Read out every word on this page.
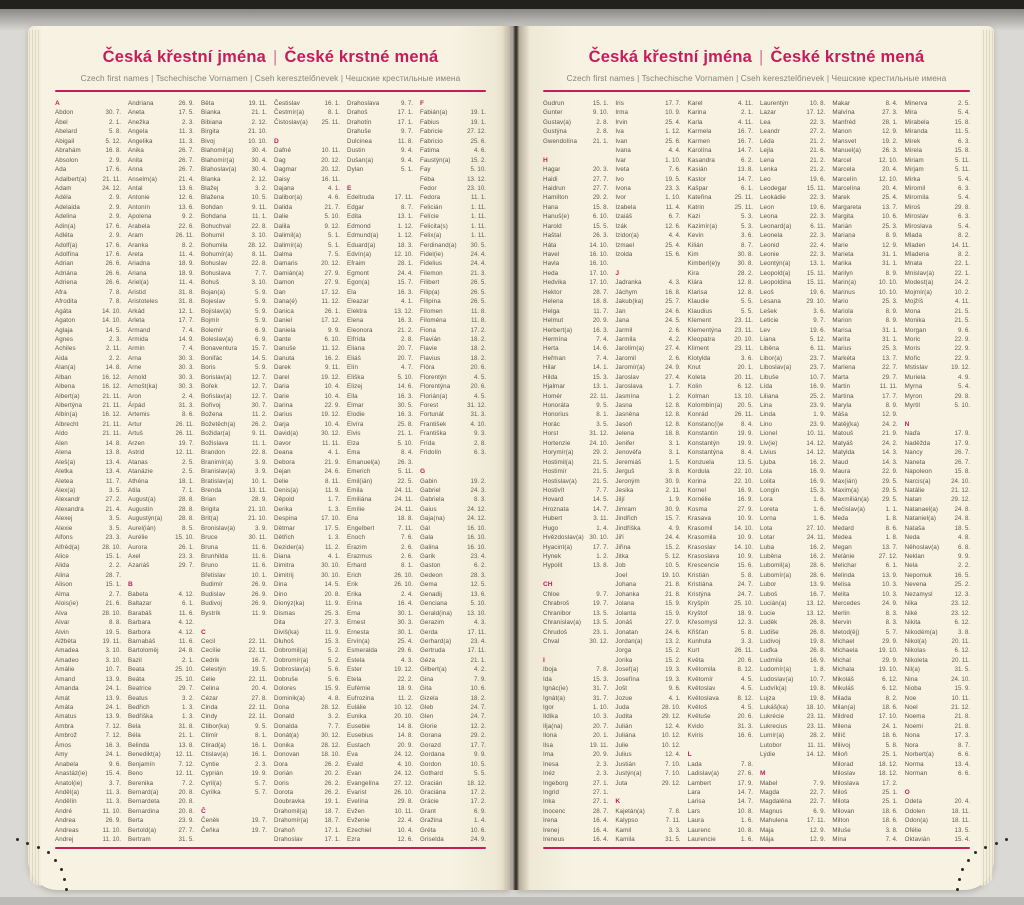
Česká křestní jména | České krstné mená
Czech first names | Tschechische Vornamen | Cseh keresztelőnevek | Чешские крестильные имена
A
Abdon	30. 7.
Ábel	2. 1.
Abelard	5. 8.
Abigail	5. 12.
Abrahám	16. 8.
Absolon	2. 9.
Ada	17. 6.
Adalbert(a)	21. 11.
Adam	24. 12.
Adéla	2. 9.
Adelaida	2. 9.
Adelina	2. 9.
Adin(a)	17. 6.
Adléta	2. 9.
Adolf(a)	17. 6.
Adolfína	17. 6.
Adrian	26. 6.
Adriána	26. 6.
Adriena	26. 6.
Afra	7. 8.
Afrodita	7. 8.
Agáta	14. 10.
Agaton	14. 10.
Aglaja	14. 5.
Agnes	2. 3.
Achiles	2. 11.
Aida	2. 2.
Alan(a)	14. 8.
Alban	16. 12.
Albena	16. 12.
Albert(a)	21. 11.
Albertýna	21. 11.
Albín(a)	16. 12.
Albrecht	21. 11.
Aldo	21. 11.
Alen	14. 8.
Alena	13. 8.
Aleš(a)	13. 4.
Aletka	13. 4.
Aletea	11. 7.
Alex(a)	3. 5.
Alexandr	27. 2.
Alexandra	21. 4.
Alexej	3. 5.
Alexie	3. 5.
Alfons	23. 3.
Alfréd(a)	28. 10.
Alice	15. 1.
Alida	2. 2.
Alina	28. 7.
Alison	15. 1.
Alma	2. 7.
Alois(ie)	21. 6.
Alva	28. 10.
Alvar	8. 8.
Alvin	19. 5.
Alžběta	19. 11.
Amadea	3. 10.
Amadeo	3. 10.
Amálie	10. 7.
Amand	13. 9.
Amanda	24. 1.
Amát	13. 9.
Amáta	24. 1.
Amatus	13. 9.
Ambra	7. 12.
Ambrož	7. 12.
Ámos	16. 3.
Amy	24. 1.
Anabela	9. 6.
Anastáz(ie)	15. 4.
Anatol(ie)	3. 7.
Anděl(a)	11. 3.
Andělín	11. 3.
André	11. 10.
Andrea	26. 9.
Andreas	11. 10.
Andrej	11. 10.
Andriana	26. 9.
Aneta	17. 5.
Anežka	2. 3.
Angela	11. 3.
Angelika	11. 3.
Anika	26. 7.
Anita	26. 7.
Anna	26. 7.
Anselm(a)	21. 4.
Antal	13. 6.
Antonie	12. 6.
Antonín	13. 6.
Apolena	9. 2.
Arabela	22. 6.
Aram	26. 11.
Aranka	8. 2.
Areta	11. 4.
Ariadna	18. 9.
Ariana	18. 9.
Ariel(a)	11. 4.
Aristid	31. 8.
Aristoteles	31. 8.
Arkád	12. 1.
Arleta	17. 7.
Armand	7. 4.
Armida	14. 9.
Armin	7. 4.
Arna	30. 3.
Arne	30. 3.
Arnold	30. 3.
Arnošt(ka)	30. 3.
Aron	2. 4.
Árpád	31. 3.
Artemis	8. 6.
Artur	26. 11.
Artuš	26. 11.
Arzen	19. 7.
Astrid	12. 11.
Atanas	2. 5.
Atanázie	2. 5.
Athéna	18. 1.
Atila	7. 1.
August(a)	28. 8.
Augustin	28. 8.
Augustýn(a)	28. 8.
Aurel(ián)	8. 5.
Aurélie	15. 10.
Aurora	26. 1.
Axel	23. 3.
Azariáš	29. 7.
B
Babeta	4. 12.
Baltazar	6. 1.
Barabáš	11. 6.
Barbara	4. 12.
Barbora	4. 12.
Barnabáš	11. 6.
Bartoloměj	24. 8.
Bazil	2. 1.
Beata	25. 10.
Beáta	25. 10.
Beatrice	29. 7.
Beatus	3. 2.
Bedřich	1. 3.
Bedřiška	1. 3.
Bela	31. 8.
Béla	21. 1.
Belinda	13. 8.
Benedikt(a) 12. 11.
Benjamín	7. 12.
Beno	12. 11.
Berenika	7. 2.
Bernard(a)	20. 8.
Bernardeta	20. 8.
Bernardina	20. 8.
Berta	23. 9.
Bertold(a)	27. 7.
Bertram	31. 5.
Běta	19. 11.
Bianka	21. 1.
Bibiana	2. 12.
Birgita	21. 10.
Bivoj	10. 10.
Blahomil(a)	30. 4.
Blahomír(a)	30. 4.
Blahoslav(a) 30. 4.
Blanka	2. 12.
Blažej	3. 2.
Blažena	10. 5.
Bohdan	9. 11.
Bohdana	11. 1.
Bohuchval	22. 8.
Bohumil	3. 10.
Bohumila	28. 12.
Bohumír(a)	8. 11.
Bohuslav	22. 8.
Bohuslava	7. 7.
Bohuš	3. 10.
Bojan(a)	5. 9.
Bojeslav	5. 9.
Bojislav(a)	5. 9.
Bojmír	5. 9.
Bolemír	6. 9.
Boleslav(a)	6. 9.
Bonaventura 15. 7.
Bonifác	14. 5.
Boris	5. 9.
Borislav(a)	12. 7.
Bořek	12. 7.
Bořislav(a)	12. 7.
Bořivoj	30. 7.
Božena	11. 2.
Božetěch(a)	26. 2.
Božidar(a)	9. 11.
Božislava	11. 1.
Brandon	22. 8.
Branimír(a)	3. 9.
Branislav(a)	3. 9.
Bratislav(a)	10. 1.
Brenda	13. 11.
Brian	28. 9.
Brigita	21. 10.
Brit(a)	21. 10.
Bronislav(a)	3. 9.
Bruce	30. 11.
Bruna	11. 6.
Brunhilda	11. 6.
Bruno	11. 6.
Břetislav	10. 1.
Budimír	26. 9.
Budislav	26. 9.
Budivoj	26. 9.
Bystrík	11. 9.
C
Cecil	22. 11.
Cecílie	22. 11.
Cedrik	16. 7.
Celestýn	19. 5.
Celie	22. 11.
Celina	20. 4.
Cézar	27. 8.
Cinda	22. 11.
Cindy	22. 11.
Ctibor(ka)	9. 5.
Ctimír	8. 1.
Ctirad(a)	16. 1.
Ctislav(a)	16. 1.
Cyntie	2. 3.
Cyprián	19. 9.
Cyril(a)	5. 7.
Cyrilka	5. 7.
Č
Čeněk	19. 7.
Čeňka	19. 7.
Čestislav	16. 1.
Čestmír(a)	8. 1.
Čistoslav(a) 25. 11.
D
Dafné	10. 11.
Dag	20. 12.
Dagmar	20. 12.
Daisy	16. 11.
Dajana	4. 1.
Dalibor(a)	4. 6.
Dalida	21. 7.
Dalie	5. 10.
Dalila	9. 12.
Dalimil(a)	5. 1.
Dalimír(a)	5. 1.
Dalma	7. 5.
Damaris	20. 12.
Damián(a)	27. 9.
Damon	27. 9.
Dan	17. 12.
Dana(é)	11. 12.
Danica	26. 1.
Daniel	17. 12.
Daniela	9. 9.
Dante	6. 10.
Danuše	11. 12.
Danuta	16. 2.
Darek	9. 11.
Darel	19. 12.
Daria	10. 4.
Darie	10. 4.
Darina	22. 9.
Darius	19. 12.
Darja	10. 4.
David(a)	30. 12.
Davor	11. 11.
Deana	4. 1.
Debora	21. 9.
Dejan	24. 6.
Delie	8. 11.
Denis(a)	11. 9.
Děpold	1. 7.
Derika	1. 3.
Despina	17. 10.
Dětmar	17. 5.
Dětřich	1. 3.
Dezider(a)	11. 2.
Diana	4. 1.
Dimitra	30. 10.
Dimitrij	30. 10.
Dina	14. 5.
Dino	20. 8.
Dionýz(ka)	11. 9.
Dismas	25. 3.
Dita	27. 3.
Diviš(ka)	11. 9.
Dluhoš	15. 3.
Dobromil(a)	5. 2.
Dobromír(a)	5. 2.
Dobroslav(a)	5. 6.
Dobruše	5. 6.
Dolores	15. 9.
Dominik(a)	4. 8.
Dona	28. 12.
Donald	3. 2.
Donalda	7. 7.
Donát(a)	30. 12.
Donika	28. 12.
Donovan	18. 10.
Dora	26. 2.
Dorián	20. 2.
Doris	26. 2.
Dorota	26. 2.
Doubravka	19. 1.
Drahomil(a)	18. 7.
Drahomír(a)	18. 7.
Drahoň	17. 1.
Drahoslav	17. 1.
Drahoslava	9. 7.
Drahoš	17. 1.
Drahotín	17. 1.
Drahuše	9. 7.
Dulcinea	11. 8.
Dustin	9. 4.
Dušan(a)	9. 4.
Dylan	5. 1.
E
Edeltruda	17. 11.
Edgar	8. 7.
Edita	13. 1.
Edmond	1. 12.
Edmund(a)	1. 12.
Eduard(a)	18. 3.
Edvín(a)	12. 10.
Efraim	28. 1.
Egmont	24. 4.
Egon(a)	15. 7.
Ela	16. 3.
Eleazar	4. 1.
Elektra	13. 12.
Elena	16. 3.
Eleonora	21. 2.
Elfrída	2. 8.
Eliana	20. 7.
Eliáš	20. 7.
Elín	4. 7.
Eliška	5. 10.
Elizej	14. 6.
Ella	16. 3.
Elmar	30. 5.
Elodie	16. 3.
Elvíra	25. 8.
Elvis	21. 1.
Elza	5. 10.
Ema	8. 4.
Emanuel(a)	26. 3.
Emerich	5. 11.
Emil(ián)	22. 5.
Emila	24. 11.
Emiliána	24. 11.
Emílie	24. 11.
Ena	18. 8.
Engelbert	7. 11.
Enoch	7. 6.
Erazim	2. 6.
Erazmus	2. 6.
Erhard	8. 1.
Erich	26. 10.
Erik	26. 10.
Erika	2. 4.
Erina	16. 4.
Erna	30. 1.
Ernest	30. 3.
Ernesta	30. 1.
Ervín(a)	25. 4.
Esmeralda	29. 6.
Estela	4. 3.
Ester	19. 12.
Etela	22. 2.
Eufémie	18. 9.
Eufrozina	11. 2.
Eulálie	10. 12.
Eunika	20. 10.
Eusebie	14. 8.
Eusebius	14. 8.
Eustach	20. 9.
Eva	24. 12.
Evald	4. 10.
Evan	24. 12.
Evangelína 27. 12.
Evarist	26. 10.
Evelína	29. 8.
Evžen	10. 11.
Evženie	22. 4.
Ezechiel	10. 4.
Ezra	12. 6.
F
Fabián(a)	19. 1.
Fabius	19. 1.
Fabricie	27. 12.
Fabricio	25. 6.
Fatima	4. 6.
Faustýn(a)	15. 2.
Fay	5. 10.
Féba	13. 12.
Fedor	23. 10.
Fedora	11. 1.
Felicián	1. 11.
Felície	1. 11.
Felicita(s)	1. 11.
Felix(a)	1. 11.
Ferdinand(a) 30. 5.
Fidel(ie)	24. 4.
Fidelius	24. 4.
Filemon	21. 3.
Filibert	26. 5.
Filip(a)	26. 5.
Filipína	26. 5.
Filomen	11. 8.
Filoména	11. 8.
Fiona	17. 2.
Flavián	18. 2.
Flavie	18. 2.
Flavius	18. 2.
Flóra	20. 6.
Florentýn	4. 5.
Florentýna	20. 6.
Florián(a)	4. 5.
Forest	31. 12.
Fortunát	31. 3.
František	4. 10.
Františka	9. 3.
Frída	2. 8.
Fridolín	6. 3.
G
Gabin	19. 2.
Gabriel	24. 3.
Gabriela	8. 3.
Gaius	24. 12.
Gaja(na)	24. 12.
Gál	16. 10.
Gala	16. 10.
Galina	16. 10.
Garik	23. 4.
Gaston	6. 2.
Gedeon	28. 3.
Gema	12. 5.
Genadij	13. 6.
Genciana	5. 10.
Gerald(ina) 13. 10.
Gerazim	4. 3.
Gerda	17. 11.
Gerhard(a)	23. 4.
Gertruda	17. 11.
Géza	21. 1.
Gilbert(a)	4. 2.
Gina	7. 9.
Gita	10. 6.
Gizela	18. 2.
Gleb	24. 7.
Glen	24. 7.
Glorie	12. 2.
Gorana	29. 2.
Gorazd	17. 7.
Gordana	9. 9.
Gordon	10. 5.
Gothard	5. 5.
Gracián	18. 12.
Graciána	17. 2.
Grácie	17. 2.
Grant	6. 9.
Gražina	1. 4.
Gréta	10. 6.
Griselda	24. 9.
Česká křestní jména | České krstné mená
Czech first names | Tschechische Vornamen | Cseh keresztelőnevek | Чешские крестильные имена
Gudrun	15. 1.
Gunter	9. 10.
Gustav(a)	2. 8.
Gustýna	2. 8.
Gwendolína	21. 1.
H
Hagar	20. 3.
Haidi	27. 7.
Haidrun	27. 7.
Hamilton	29. 2.
Hana	15. 8.
Hanuš(e)	6. 10.
Harold	15. 5.
Haštal	26. 3.
Háta	14. 10.
Havel	16. 10.
Havla	16. 10.
Heda	17. 10.
Hedvika	17. 10.
Hektor	28. 7.
Helena	18. 8.
Helga	11. 7.
Helmut	20. 9.
Herbert(a)	16. 3.
Hermína	7. 4.
Herta	14. 6.
Heřman	7. 4.
Hilar	14. 1.
Hilda	15. 3.
Hjalmar	13. 1.
Homér	22. 11.
Honoráta	9. 5.
Honorius	8. 1.
Horác	3. 5.
Horst	31. 12.
Hortenzie	24. 10.
Horymír(a)	29. 2.
Hostimil(a)	21. 5.
Hostimír	21. 5.
Hostislav(a)	21. 5.
Hostivít	7. 7.
Hovard	14. 5.
Hroznata	14. 7.
Hubert	3. 11.
Hugo	1. 4.
Hvězdoslav(a) 30. 10.
Hyacint(a)	17. 7.
Hynek	1. 2.
Hypolit	13. 8.
CH
Chloe	9. 7.
Chrabroš	19. 7.
Chranibor	13. 5.
Chranislav(a) 13. 5.
Chrudoš	23. 1.
Chval	30. 12.
I
Iboja	7. 8.
Ida	15. 3.
Ignác(ie)	31. 7.
Ignát(a)	31. 7.
Igor	1. 10.
Ildika	10. 3.
Ilja(na)	20. 7.
Ilona	20. 1.
Ilsa	19. 11.
Ima	20. 9.
Inesa	2. 3.
Inéz	2. 3.
Ingeborg	27. 1.
Ingrid	27. 1.
Inka	27. 1.
Inocenc	28. 7.
Irena	16. 4.
Irenej	16. 4.
Ireneus	16. 4.
Iris	17. 7.
Irma	10. 9.
Irvin	25. 4.
Iva	1. 12.
Ivan	25. 6.
Ivana	4. 4.
Ivar	1. 10.
Iveta	7. 6.
Ivo	19. 5.
Ivona	23. 3.
Ivor	1. 10.
Izabela	11. 4.
Izaiáš	6. 7.
Izák	12. 6.
Izidor(a)	4. 4.
Izmael	25. 4.
Izolda	15. 6.
J
Jadranka	4. 3.
Jáchym	16. 8.
Jakub(ka)	25. 7.
Jan	24. 6.
Jana	24. 5.
Jarmil	2. 6.
Jarmila	4. 2.
Jarolím(a)	27. 4.
Jaromil	2. 6.
Jaromír(a)	24. 9.
Jaroslav	27. 4.
Jaroslava	1. 7.
Jasmína	1. 2.
Jasna	12. 8.
Jasněna	12. 8.
Jasoň	12. 8.
Jelena	18. 8.
Jenifer	3. 1.
Jenovéfa	3. 1.
Jeremiáš	1. 5.
Jerguš	3. 8.
Jeroným	30. 9.
Jesika	2. 11.
Jiljí	1. 9.
Jimram	30. 9.
Jindřich	15. 7.
Jindřiška	4. 9.
Jiří	24. 4.
Jiřina	15. 2.
Jitka	5. 12.
Job	10. 5.
Joel	19. 10.
Johana	21. 8.
Johanka	21. 8.
Jolana	15. 9.
Jolanta	15. 9.
Jonáš	27. 9.
Jonatan	24. 6.
Jordan(a)	13. 2.
Jorga	15. 2.
Jorika	15. 2.
Josef(a)	19. 3.
Josefína	19. 3.
Jošt	9. 6.
Jozue	4. 1.
Juda	28. 10.
Judita	29. 12.
Julián	12. 4.
Juliána	10. 12.
Julie	10. 12.
Julius	12. 4.
Justián	7. 10.
Justýn(a)	7. 10.
Juta	29. 12.
K
Kajetán(a)	7. 8.
Kalypso	7. 11.
Kamil	3. 3.
Kamila	31. 5.
Karel	4. 11.
Karina	2. 1.
Karla	4. 11.
Karmela	16. 7.
Karmen	16. 7.
Karolína	14. 7.
Kasandra	6. 2.
Kasián	13. 8.
Kastor	14. 7.
Kašpar	6. 1.
Kateřina	25. 11.
Katrin	25. 11.
Kazi	5. 3.
Kazimír(a)	5. 3.
Kevin	3. 6.
Kilián	8. 7.
Kim	30. 8.
Kimberl(e)y	30. 8.
Kira	28. 2.
Klára	12. 8.
Klarisa	12. 8.
Klaudie	5. 5.
Klaudius	5. 5.
Klement	23. 11.
Klementýna 23. 11.
Kleopatra	20. 10.
Kliment	23. 11.
Klotylda	3. 6.
Knut	20. 1.
Koleta	20. 11.
Kolin	6. 12.
Kolman	13. 10.
Kolombín(a) 20. 5.
Konrád	26. 11.
Konstanc(i)e	8. 4.
Konstantin	19. 9.
Konstantýn	19. 9.
Konstantýna	8. 4.
Konzuela	13. 5.
Kordula	22. 10.
Korina	22. 10.
Kornel	16. 9.
Kornélie	16. 9.
Kosma	27. 9.
Krasava	10. 9.
Krasomil	14. 10.
Krasomila	10. 9.
Krasoslav	14. 10.
Krasoslava	10. 9.
Krescencie	15. 6.
Kristián	5. 8.
Kristiána	24. 7.
Kristýna	24. 7.
Kryšpín	25. 10.
Kryštof	18. 9.
Křesomysl	12. 3.
Křišťan	5. 8.
Kunhuta	3. 3.
Kurt	26. 11.
Květa	20. 6.
Květomila	8. 12.
Květomír	4. 5.
Květoslav	4. 5.
Květoslava	8. 12.
Květoš	4. 5.
Květuše	20. 6.
Kvido	31. 3.
Kviris	16. 6.
L
Lada	7. 8.
Ladislav(a)	27. 6.
Lambert	17. 9.
Lara	14. 7.
Larisa	14. 7.
Lars	10. 8.
Laura	1. 6.
Laurenc	10. 8.
Laurencie	1. 6.
Laurentýn	10. 8.
Lazar	17. 12.
Lea	22. 3.
Leandr	27. 2.
Léda	21. 2.
Lejla	21. 6.
Lena	21. 2.
Lenka	21. 2.
Leo	19. 6.
Leodegar	15. 11.
Leokádie	22. 3.
Leon	19. 6.
Leona	22. 3.
Leonard(a)	6. 11.
Leonela	22. 3.
Leonid	22. 4.
Leonie	22. 3.
Leontýn(a)	13. 1.
Leopold(a)	15. 11.
Leopoldina	15. 11.
Leoš	19. 6.
Lesana	29. 10.
Lešek	3. 6.
Leticie	9. 7.
Lev	19. 6.
Liana	5. 12.
Liběna	6. 11.
Libor(a)	23. 7.
Liboslav(a)	23. 7.
Libuše	10. 7.
Lída	16. 9.
Liliana	25. 2.
Lina	23. 9.
Linda	1. 9.
Lino	23. 9.
Lionel	10. 11.
Liv(ie)	14. 12.
Livius	14. 12.
Ljuba	16. 2.
Lola	16. 9.
Lolita	16. 9.
Longin	15. 3.
Lora	1. 6.
Loreta	1. 6.
Lorna	1. 6.
Lota	27. 10.
Lotar	24. 11.
Luba	16. 2.
Luběna	16. 2.
Lubomil(a)	28. 6.
Lubomír(a)	28. 6.
Lubor	13. 9.
Luboš	16. 7.
Lucián(a)	13. 12.
Lucie	13. 12.
Luděk	26. 8.
Ludiše	26. 8.
Ludivoj	19. 8.
Luďka	26. 8.
Ludmila	16. 9.
Ludomír(a)	1. 8.
Ludoslav(a)	10. 7.
Ludvík(a)	19. 8.
Lujza	19. 8.
Lukáš(ka)	18. 10.
Lukrécie	23. 11.
Lukrecius	23. 11.
Lumír(a)	28. 2.
Lutobor	11. 11.
Lýdie	14. 12.
M
Mabel	7. 9.
Magda	22. 7.
Magdaléna	22. 7.
Magnus	6. 9.
Mahulena	17. 11.
Maja	12. 9.
Mája	12. 9.
Makar	8. 4.
Malvína	27. 3.
Manfréd	28. 1.
Manon	12. 9.
Mansvet	19. 2.
Manuel(a)	26. 3.
Marcel	12. 10.
Marcela	20. 4.
Marcelín	12. 10.
Marcelína	20. 4.
Marek	25. 4.
Margareta	13. 7.
Margita	10. 6.
Marián	25. 3.
Mariana	8. 9.
Marie	12. 9.
Marieta	31. 1.
Marika	31. 1.
Marilyn	8. 9.
Marin(a)	10. 10.
Marinus	10. 10.
Mario	25. 3.
Mariola	8. 9.
Marion	8. 9.
Marisa	31. 1.
Marita	31. 1.
Marius	25. 3.
Markéta	13. 7.
Marlena	22. 7.
Marta	29. 7.
Martin	11. 11.
Martina	17. 7.
Maryla	8. 9.
Máša	12. 9.
Matěj(ka)	24. 2.
Matouš	21. 9.
Matyáš	24. 2.
Matylda	14. 3.
Maud	14. 3.
Maura	22. 9.
Max(ián)	29. 5.
Maxim(a)	29. 5.
Maxmilián(a) 29. 5.
Mečislav(a)	1. 1.
Meda	1. 8.
Medard	8. 6.
Medea	1. 8.
Megan	13. 7.
Melánie	27. 12.
Melichar	6. 1.
Melinda	13. 9.
Melisa	10. 3.
Melita	10. 3.
Mercedes	24. 9.
Merlin	8. 3.
Mervin	8. 3.
Metod(ěj)	5. 7.
Michael	29. 9.
Michaela	19. 10.
Michal	29. 9.
Michala	19. 10.
Mikoláš	6. 12.
Mikuláš	6. 12.
Milada	8. 2.
Milan(a)	18. 6.
Mildred	17. 10.
Milena	24. 1.
Milíč	18. 6.
Milivoj	5. 8.
Miloň	25. 1.
Milorad	18. 12.
Miloslav	18. 12.
Miloslava	17. 2.
Miloš	25. 1.
Milota	25. 1.
Milovan	18. 6.
Milton	18. 6.
Miluše	3. 8.
Mína	7. 4.
Minerva	2. 5.
Mira	5. 4.
Mirabela	15. 8.
Miranda	11. 5.
Mirek	6. 3.
Mirela	15. 8.
Miriam	5. 11.
Mirjam	5. 11.
Mirka	5. 4.
Miromil	6. 3.
Miromila	5. 4.
Miroš	29. 8.
Miroslav	6. 3.
Miroslava	5. 4.
Mlada	8. 2.
Mladen	14. 11.
Mladena	8. 2.
Mnata	22. 1.
Mnislav(a)	22. 1.
Modest(a)	24. 2.
Mojmír(a)	10. 2.
Mojžíš	4. 11.
Mona	21. 5.
Monika	21. 5.
Morgan	9. 6.
Moric	22. 9.
Moris	22. 9.
Mořic	22. 9.
Mstislav	19. 12.
Muriela	4. 9.
Myrna	5. 4.
Myron	29. 8.
Myrtil	5. 10.
N
Naďa	17. 9.
Naděžda	17. 9.
Nancy	26. 7.
Naneta	26. 7.
Napoleon	15. 8.
Narcis(a)	24. 10.
Natálie	21. 12.
Natan	29. 12.
Natanael(a)	24. 8.
Nataniel(a)	24. 8.
Nataša	18. 5.
Neda	4. 8.
Něhoslav(a)	6. 8.
Neklan	9. 9.
Nela	2. 2.
Nepomuk	16. 5.
Nevena	25. 2.
Nezamysl	12. 3.
Nika	23. 12.
Niké	23. 12.
Nikita	6. 12.
Nikodém(a)	3. 8.
Nikol(a)	20. 11.
Nikolas	6. 12.
Nikoleta	20. 11.
Nil(a)	31. 5.
Nina	24. 10.
Nioba	15. 9.
Noe	10. 11.
Noel	21. 12.
Noema	21. 8.
Noemi	21. 8.
Nona	17. 3.
Nora	8. 7.
Norbert(a)	6. 6.
Norma	13. 4.
Norman	6. 6.
O
Odeta	20. 4.
Odolen	18. 11.
Odon(a)	18. 11.
Ofélie	13. 5.
Oktavián	15. 4.
